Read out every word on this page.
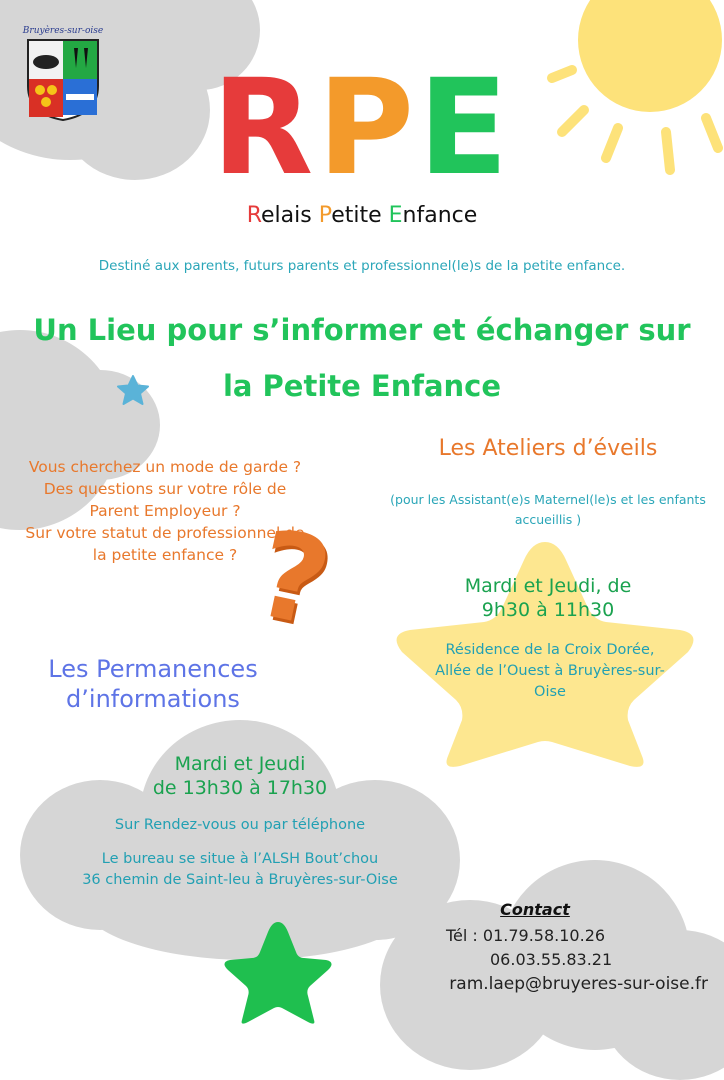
Bruyères-sur-oise
RPE
Relais Petite Enfance
Destiné aux parents, futurs parents et professionnel(le)s de la petite enfance.
Un Lieu pour s’informer et échanger sur
la Petite Enfance
Vous cherchez un mode de garde ?
Des questions sur votre rôle de Parent Employeur ?
Sur votre statut de professionnel de la petite enfance ? ?
Les Ateliers d’éveils
(pour les Assistant(e)s Maternel(le)s et les enfants accueillis )
Mardi et Jeudi, de
9h30 à 11h30
Résidence de la Croix Dorée, Allée de l’Ouest à Bruyères-sur-Oise
Les Permanences
d’informations
Mardi et Jeudi
de 13h30 à 17h30
Sur Rendez-vous ou par téléphone
Le bureau se situe à l’ALSH Bout’chou
36 chemin de Saint-leu à Bruyères-sur-Oise
Contact
Tél : 01.79.58.10.26
06.03.55.83.21
ram.laep@bruyeres-sur-oise.fr
